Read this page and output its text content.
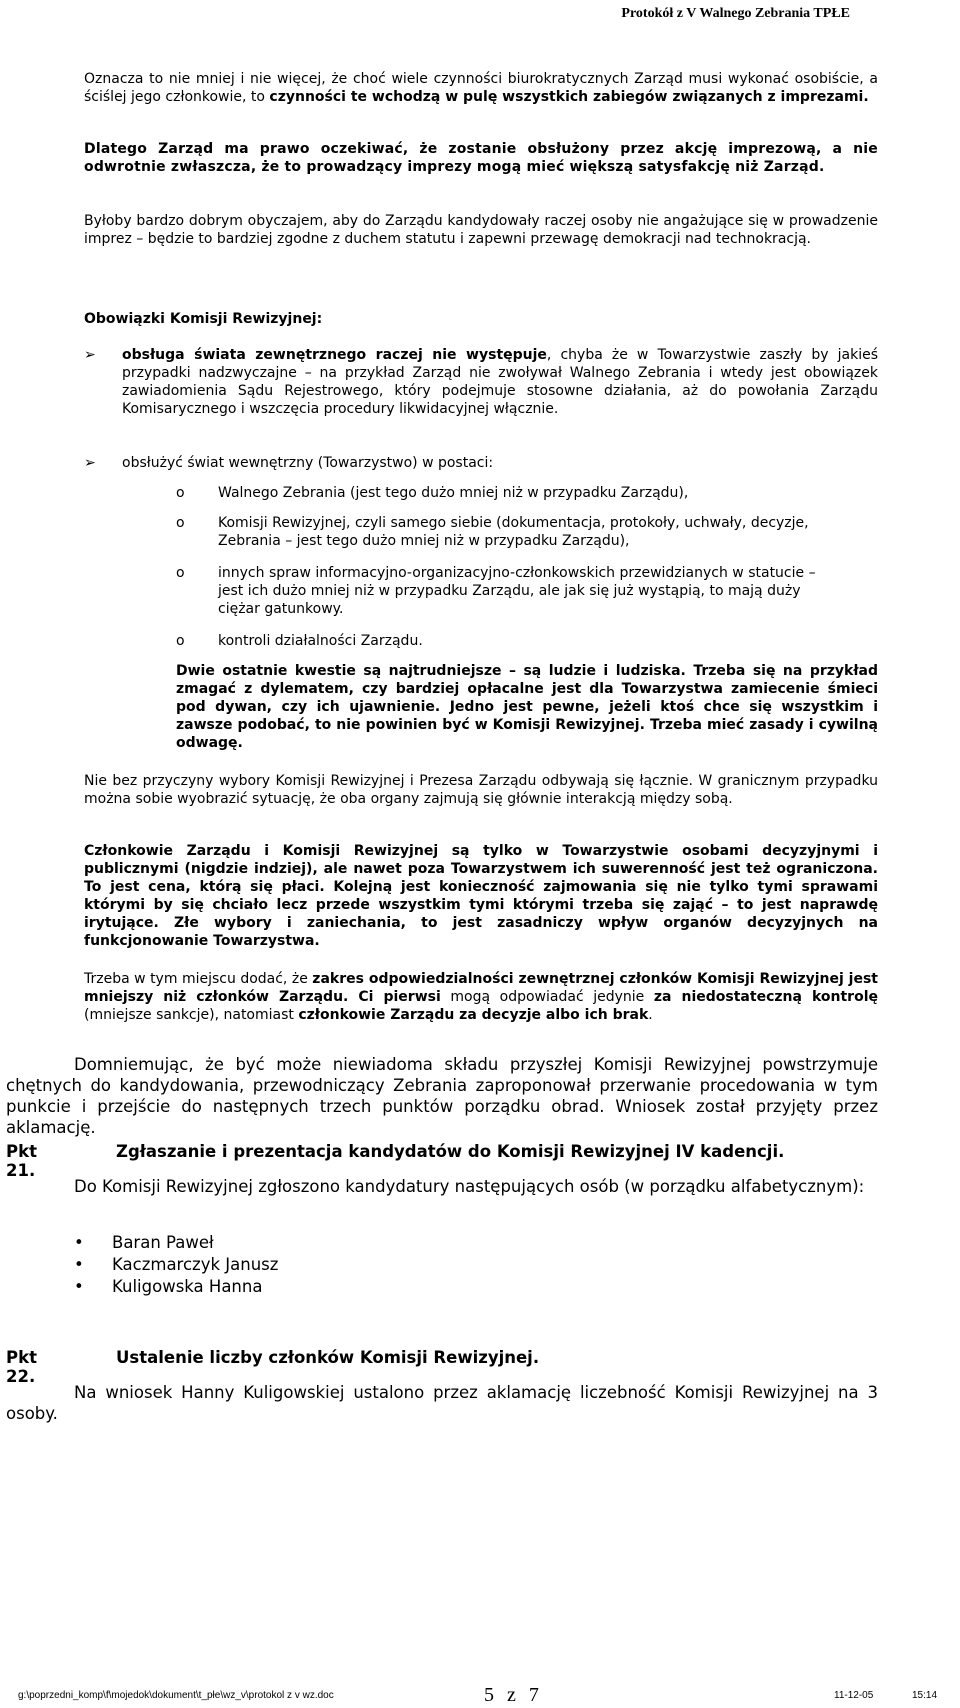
Protokół z V Walnego Zebrania TPŁE
Oznacza to nie mniej i nie więcej, że choć wiele czynności biurokratycznych Zarząd musi wykonać osobiście, a ściślej jego członkowie, to czynności te wchodzą w pulę wszystkich zabiegów związanych z imprezami.
Dlatego Zarząd ma prawo oczekiwać, że zostanie obsłużony przez akcję imprezową, a nie odwrotnie zwłaszcza, że to prowadzący imprezy mogą mieć większą satysfakcję niż Zarząd.
Byłoby bardzo dobrym obyczajem, aby do Zarządu kandydowały raczej osoby nie angażujące się w prowadzenie imprez – będzie to bardziej zgodne z duchem statutu i zapewni przewagę demokracji nad technokracją.
Obowiązki Komisji Rewizyjnej:
➢ obsługa świata zewnętrznego raczej nie występuje, chyba że w Towarzystwie zaszły by jakieś przypadki nadzwyczajne – na przykład Zarząd nie zwoływał Walnego Zebrania i wtedy jest obowiązek zawiadomienia Sądu Rejestrowego, który podejmuje stosowne działania, aż do powołania Zarządu Komisarycznego i wszczęcia procedury likwidacyjnej włącznie.
➢ obsłużyć świat wewnętrzny (Towarzystwo) w postaci:
o Walnego Zebrania (jest tego dużo mniej niż w przypadku Zarządu),
o Komisji Rewizyjnej, czyli samego siebie (dokumentacja, protokoły, uchwały, decyzje, Zebrania – jest tego dużo mniej niż w przypadku Zarządu),
o innych spraw informacyjno-organizacyjno-członkowskich przewidzianych w statucie – jest ich dużo mniej niż w przypadku Zarządu, ale jak się już wystąpią, to mają duży ciężar gatunkowy.
o kontroli działalności Zarządu.
Dwie ostatnie kwestie są najtrudniejsze – są ludzie i ludziska. Trzeba się na przykład zmagać z dylematem, czy bardziej opłacalne jest dla Towarzystwa zamiecenie śmieci pod dywan, czy ich ujawnienie. Jedno jest pewne, jeżeli ktoś chce się wszystkim i zawsze podobać, to nie powinien być w Komisji Rewizyjnej. Trzeba mieć zasady i cywilną odwagę.
Nie bez przyczyny wybory Komisji Rewizyjnej i Prezesa Zarządu odbywają się łącznie. W granicznym przypadku można sobie wyobrazić sytuację, że oba organy zajmują się głównie interakcją między sobą.
Członkowie Zarządu i Komisji Rewizyjnej są tylko w Towarzystwie osobami decyzyjnymi i publicznymi (nigdzie indziej), ale nawet poza Towarzystwem ich suwerenność jest też ograniczona. To jest cena, którą się płaci. Kolejną jest konieczność zajmowania się nie tylko tymi sprawami którymi by się chciało lecz przede wszystkim tymi którymi trzeba się zająć – to jest naprawdę irytujące. Złe wybory i zaniechania, to jest zasadniczy wpływ organów decyzyjnych na funkcjonowanie Towarzystwa.
Trzeba w tym miejscu dodać, że zakres odpowiedzialności zewnętrznej członków Komisji Rewizyjnej jest mniejszy niż członków Zarządu. Ci pierwsi mogą odpowiadać jedynie za niedostateczną kontrolę (mniejsze sankcje), natomiast członkowie Zarządu za decyzje albo ich brak.
Domniemując, że być może niewiadoma składu przyszłej Komisji Rewizyjnej powstrzymuje chętnych do kandydowania, przewodniczący Zebrania zaproponował przerwanie procedowania w tym punkcie i przejście do następnych trzech punktów porządku obrad. Wniosek został przyjęty przez aklamację.
Pkt 21.
Zgłaszanie i prezentacja kandydatów do Komisji Rewizyjnej IV kadencji.
Do Komisji Rewizyjnej zgłoszono kandydatury następujących osób (w porządku alfabetycznym):
• Baran Paweł
• Kaczmarczyk Janusz
• Kuligowska Hanna
Pkt 22.
Ustalenie liczby członków Komisji Rewizyjnej.
Na wniosek Hanny Kuligowskiej ustalono przez aklamację liczebność Komisji Rewizyjnej na 3 osoby.
g:\poprzedni_komp\f\mojedok\dokument\t_płe\wz_v\protokol z v wz.doc	5 z 7	11-12-05	15:14
